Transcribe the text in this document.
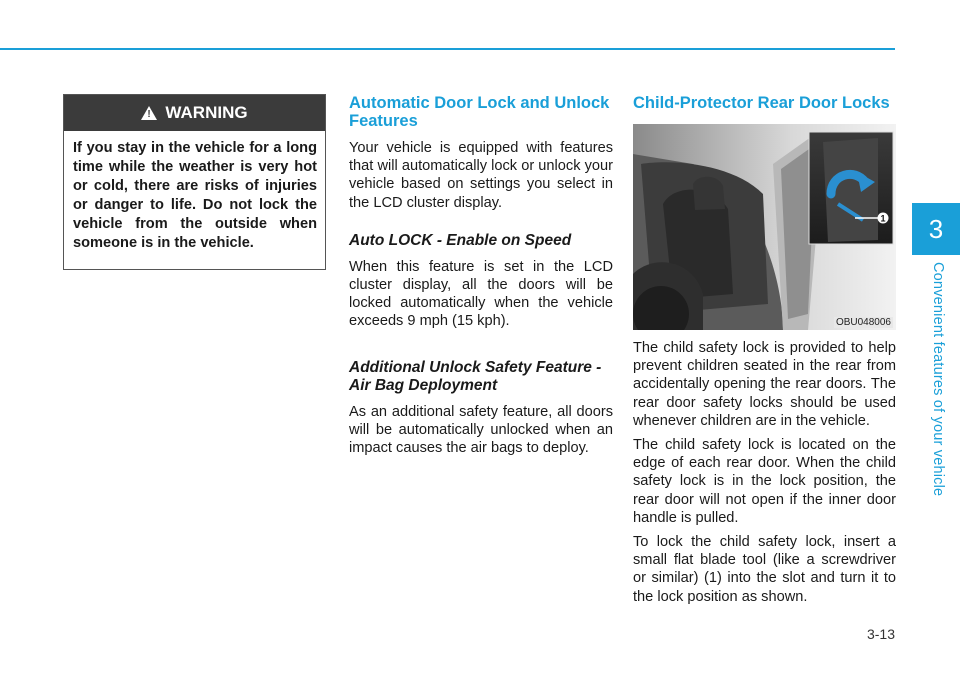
3
Convenient features of your vehicle
! WARNING
If you stay in the vehicle for a long time while the weather is very hot or cold, there are risks of injuries or danger to life. Do not lock the vehicle from the outside when someone is in the vehicle.
Automatic Door Lock and Unlock Features

Your vehicle is equipped with features that will automatically lock or unlock your vehicle based on settings you select in the LCD cluster display.

Auto LOCK - Enable on Speed

When this feature is set in the LCD cluster display, all the doors will be locked automatically when the vehicle exceeds 9 mph (15 kph).

Additional Unlock Safety Feature - Air Bag Deployment

As an additional safety feature, all doors will be automatically unlocked when an impact causes the air bags to deploy.

Child-Protector Rear Door Locks
1
OBU048006

The child safety lock is provided to help prevent children seated in the rear from accidentally opening the rear doors. The rear door safety locks should be used whenever children are in the vehicle.

The child safety lock is located on the edge of each rear door. When the child safety lock is in the lock position, the rear door will not open if the inner door handle is pulled.

To lock the child safety lock, insert a small flat blade tool (like a screwdriver or similar) (1) into the slot and turn it to the lock position as shown.

3-13
